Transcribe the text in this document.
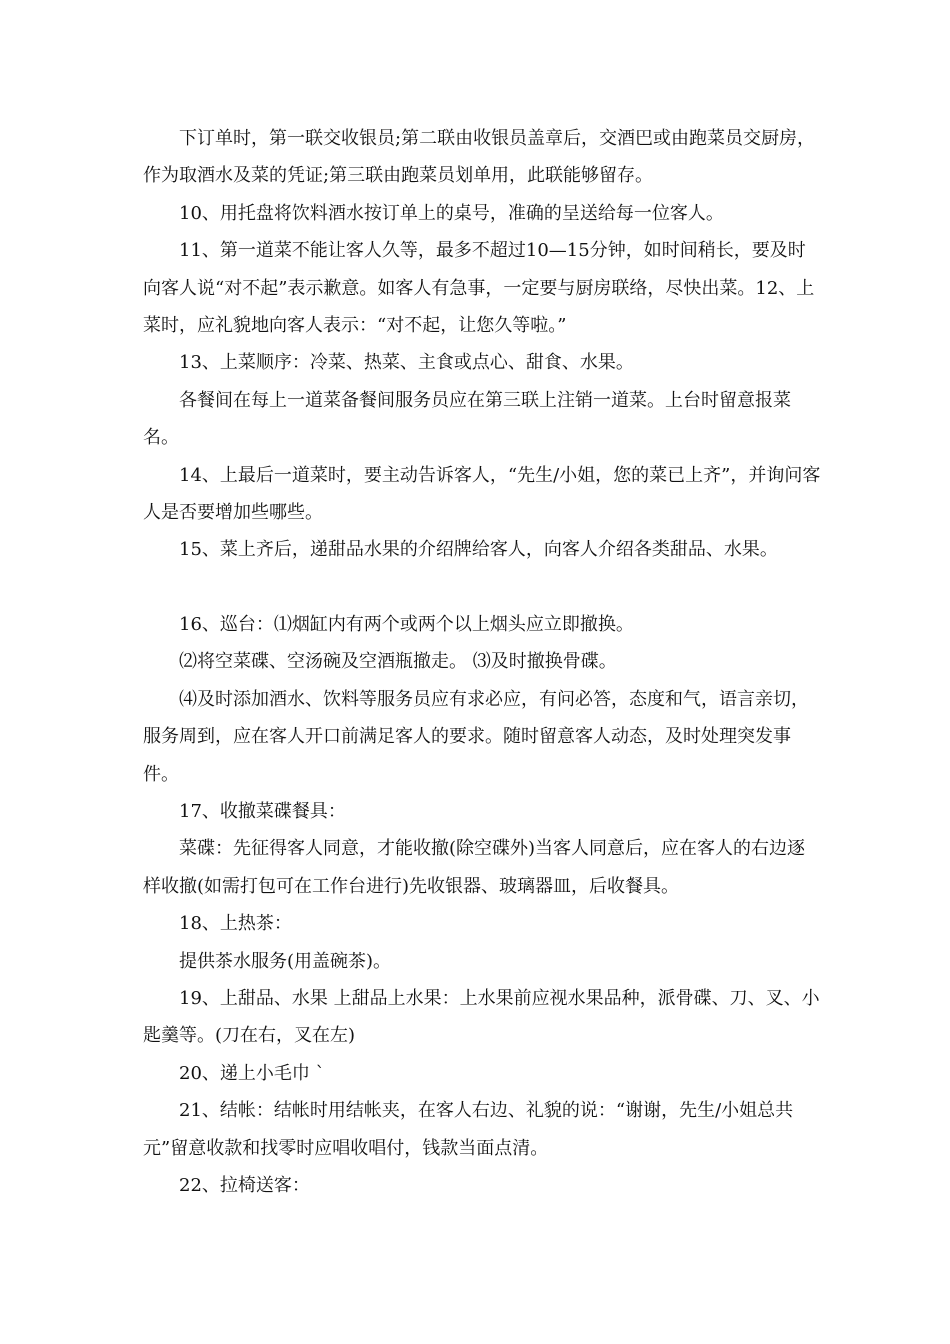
下订单时，第一联交收银员;第二联由收银员盖章后，交酒巴或由跑菜员交厨房，作为取酒水及菜的凭证;第三联由跑菜员划单用，此联能够留存。

10、用托盘将饮料酒水按订单上的桌号，准确的呈送给每一位客人。

11、第一道菜不能让客人久等，最多不超过10—15分钟，如时间稍长，要及时向客人说“对不起”表示歉意。如客人有急事，一定要与厨房联络，尽快出菜。12、上菜时，应礼貌地向客人表示：“对不起，让您久等啦。”

13、上菜顺序：冷菜、热菜、主食或点心、甜食、水果。

各餐间在每上一道菜备餐间服务员应在第三联上注销一道菜。上台时留意报菜名。

14、上最后一道菜时，要主动告诉客人，“先生/小姐，您的菜已上齐”，并询问客人是否要增加些哪些。

15、菜上齐后，递甜品水果的介绍牌给客人，向客人介绍各类甜品、水果。

16、巡台：⑴烟缸内有两个或两个以上烟头应立即撤换。

⑵将空菜碟、空汤碗及空酒瓶撤走。 ⑶及时撤换骨碟。

⑷及时添加酒水、饮料等服务员应有求必应，有问必答，态度和气，语言亲切，服务周到，应在客人开口前满足客人的要求。随时留意客人动态，及时处理突发事件。

17、收撤菜碟餐具：

菜碟：先征得客人同意，才能收撤(除空碟外)当客人同意后，应在客人的右边逐样收撤(如需打包可在工作台进行)先收银器、玻璃器皿，后收餐具。

18、上热茶：

提供茶水服务(用盖碗茶)。

19、上甜品、水果 上甜品上水果：上水果前应视水果品种，派骨碟、刀、叉、小匙羹等。(刀在右，叉在左)

20、递上小毛巾 `

21、结帐：结帐时用结帐夹，在客人右边、礼貌的说：“谢谢，先生/小姐总共元”留意收款和找零时应唱收唱付，钱款当面点清。

22、拉椅送客：
